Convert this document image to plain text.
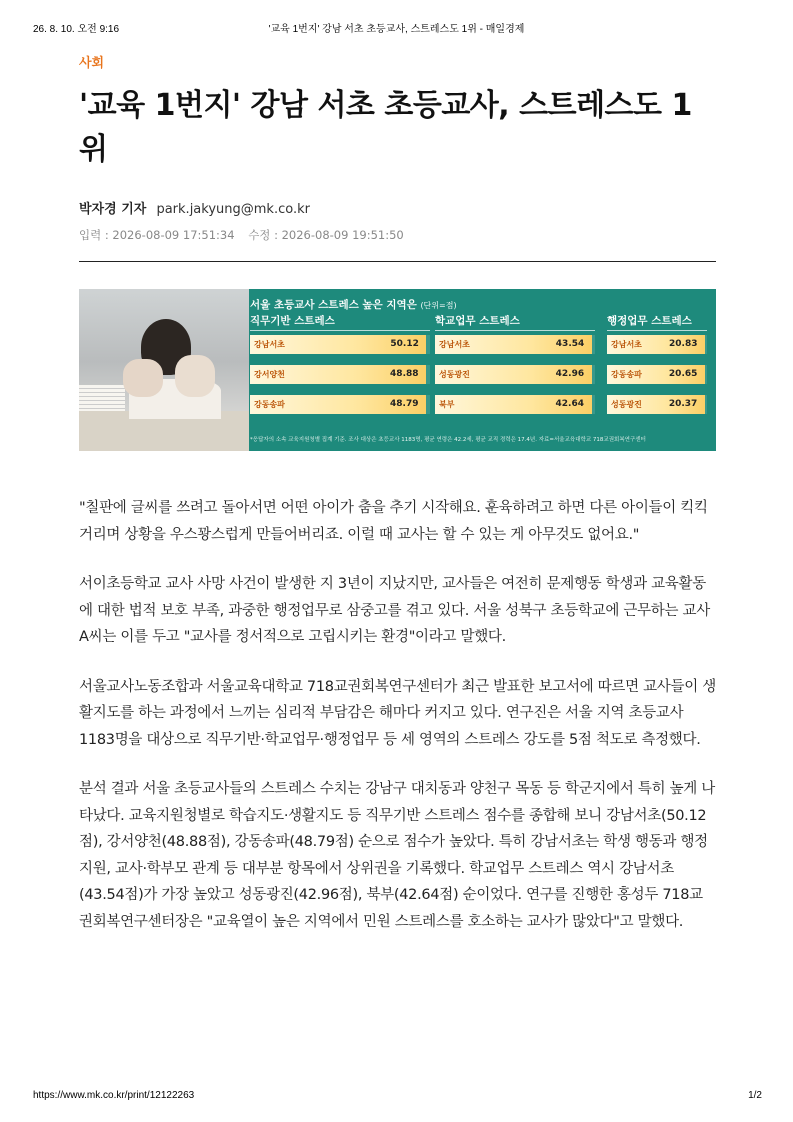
26. 8. 10. 오전 9:16	'교육 1번지' 강남 서초 초등교사, 스트레스도 1위 - 매일경제
사회
'교육 1번지' 강남 서초 초등교사, 스트레스도 1위
박자경 기자 park.jakyung@mk.co.kr
입력 : 2026-08-09 17:51:34 수정 : 2026-08-09 19:51:50
서울 초등교사 스트레스 높은 지역은 (단위=점)
직무기반 스트레스
강남서초	50.12
강서양천	48.88
강동송파	48.79
학교업무 스트레스
강남서초	43.54
성동광진	42.96
북부	42.64
행정업무 스트레스
강남서초	20.83
강동송파	20.65
성동광진	20.37
*응답자의 소속 교육지원청별 집계 기준. 조사 대상은 초등교사 1183명, 평균 연령은 42.2세, 평균 교직 경력은 17.4년. 자료=서울교육대학교 718교권회복연구센터

"칠판에 글씨를 쓰려고 돌아서면 어떤 아이가 춤을 추기 시작해요. 훈육하려고 하면 다른 아이들이 킥킥거리며 상황을 우스꽝스럽게 만들어버리죠. 이럴 때 교사는 할 수 있는 게 아무것도 없어요."

서이초등학교 교사 사망 사건이 발생한 지 3년이 지났지만, 교사들은 여전히 문제행동 학생과 교육활동에 대한 법적 보호 부족, 과중한 행정업무로 삼중고를 겪고 있다. 서울 성북구 초등학교에 근무하는 교사 A씨는 이를 두고 "교사를 정서적으로 고립시키는 환경"이라고 말했다.

서울교사노동조합과 서울교육대학교 718교권회복연구센터가 최근 발표한 보고서에 따르면 교사들이 생활지도를 하는 과정에서 느끼는 심리적 부담감은 해마다 커지고 있다. 연구진은 서울 지역 초등교사 1183명을 대상으로 직무기반·학교업무·행정업무 등 세 영역의 스트레스 강도를 5점 척도로 측정했다.

분석 결과 서울 초등교사들의 스트레스 수치는 강남구 대치동과 양천구 목동 등 학군지에서 특히 높게 나타났다. 교육지원청별로 학습지도·생활지도 등 직무기반 스트레스 점수를 종합해 보니 강남서초(50.12점), 강서양천(48.88점), 강동송파(48.79점) 순으로 점수가 높았다. 특히 강남서초는 학생 행동과 행정 지원, 교사·학부모 관계 등 대부분 항목에서 상위권을 기록했다. 학교업무 스트레스 역시 강남서초(43.54점)가 가장 높았고 성동광진(42.96점), 북부(42.64점) 순이었다. 연구를 진행한 홍성두 718교권회복연구센터장은 "교육열이 높은 지역에서 민원 스트레스를 호소하는 교사가 많았다"고 말했다.

https://www.mk.co.kr/print/12122263	1/2
